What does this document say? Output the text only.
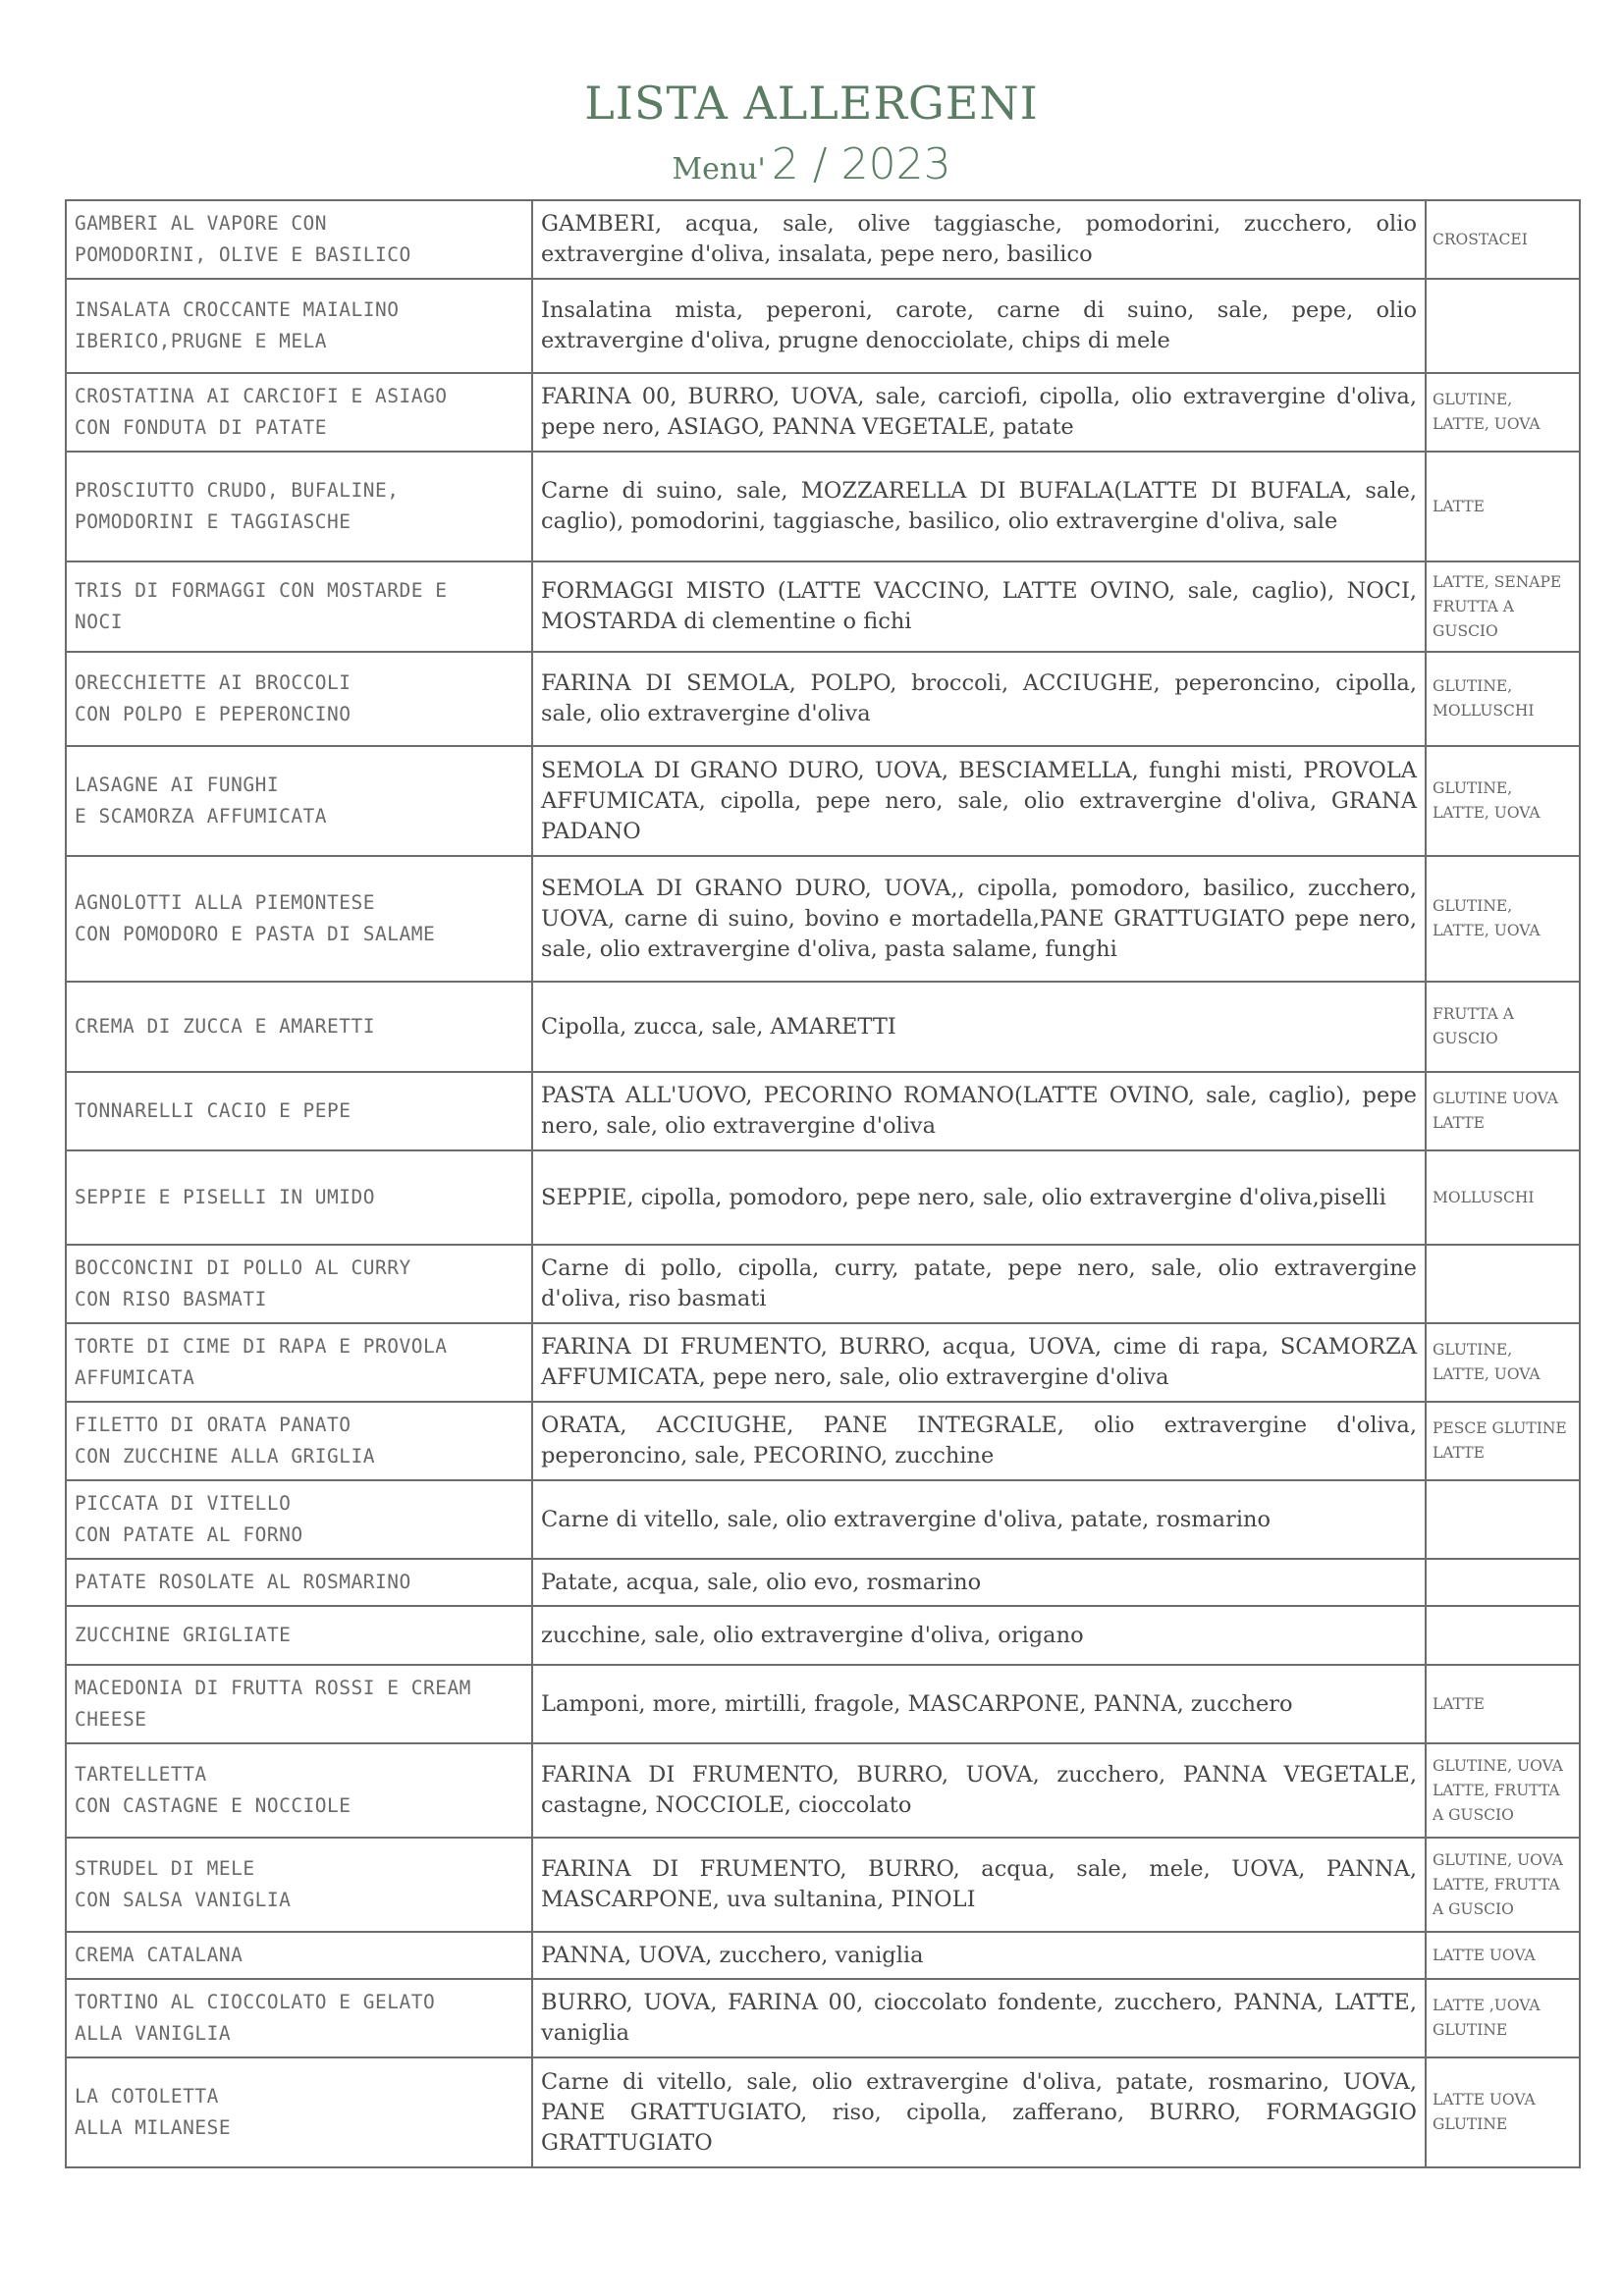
LISTA ALLERGENI
Menu' 2 / 2023
GAMBERI AL VAPORE CON
POMODORINI, OLIVE E BASILICO	GAMBERI, acqua, sale, olive taggiasche, pomodorini, zucchero, olio extravergine d'oliva, insalata, pepe nero, basilico	CROSTACEI

INSALATA CROCCANTE MAIALINO
IBERICO,PRUGNE E MELA	Insalatina mista, peperoni, carote, carne di suino, sale, pepe, olio extravergine d'oliva, prugne denocciolate, chips di mele	

CROSTATINA AI CARCIOFI E ASIAGO
CON FONDUTA DI PATATE	FARINA 00, BURRO, UOVA, sale, carciofi, cipolla, olio extravergine d'oliva, pepe nero, ASIAGO, PANNA VEGETALE, patate	GLUTINE, LATTE, UOVA

PROSCIUTTO CRUDO, BUFALINE,
POMODORINI E TAGGIASCHE	Carne di suino, sale, MOZZARELLA DI BUFALA(LATTE DI BUFALA, sale, caglio), pomodorini, taggiasche, basilico, olio extravergine d'oliva, sale	LATTE

TRIS DI FORMAGGI CON MOSTARDE E
NOCI	FORMAGGI MISTO (LATTE VACCINO, LATTE OVINO, sale, caglio), NOCI, MOSTARDA di clementine o fichi	LATTE, SENAPE FRUTTA A GUSCIO

ORECCHIETTE AI BROCCOLI
CON POLPO E PEPERONCINO	FARINA DI SEMOLA, POLPO, broccoli, ACCIUGHE, peperoncino, cipolla, sale, olio extravergine d'oliva	GLUTINE, MOLLUSCHI

LASAGNE AI FUNGHI
E SCAMORZA AFFUMICATA	SEMOLA DI GRANO DURO, UOVA, BESCIAMELLA, funghi misti, PROVOLA AFFUMICATA, cipolla, pepe nero, sale, olio extravergine d'oliva, GRANA PADANO	GLUTINE, LATTE, UOVA

AGNOLOTTI ALLA PIEMONTESE
CON POMODORO E PASTA DI SALAME	SEMOLA DI GRANO DURO, UOVA,, cipolla, pomodoro, basilico, zucchero, UOVA, carne di suino, bovino e mortadella,PANE GRATTUGIATO pepe nero, sale, olio extravergine d'oliva, pasta salame, funghi	GLUTINE, LATTE, UOVA

CREMA DI ZUCCA E AMARETTI	Cipolla, zucca, sale, AMARETTI	FRUTTA A GUSCIO

TONNARELLI CACIO E PEPE	PASTA ALL'UOVO, PECORINO ROMANO(LATTE OVINO, sale, caglio), pepe nero, sale, olio extravergine d'oliva	GLUTINE UOVA LATTE

SEPPIE E PISELLI IN UMIDO	SEPPIE, cipolla, pomodoro, pepe nero, sale, olio extravergine d'oliva,piselli	MOLLUSCHI

BOCCONCINI DI POLLO AL CURRY
CON RISO BASMATI	Carne di pollo, cipolla, curry, patate, pepe nero, sale, olio extravergine d'oliva, riso basmati	

TORTE DI CIME DI RAPA E PROVOLA
AFFUMICATA	FARINA DI FRUMENTO, BURRO, acqua, UOVA, cime di rapa, SCAMORZA AFFUMICATA, pepe nero, sale, olio extravergine d'oliva	GLUTINE, LATTE, UOVA

FILETTO DI ORATA PANATO
CON ZUCCHINE ALLA GRIGLIA	ORATA, ACCIUGHE, PANE INTEGRALE, olio extravergine d'oliva, peperoncino, sale, PECORINO, zucchine	PESCE GLUTINE LATTE

PICCATA DI VITELLO
CON PATATE AL FORNO	Carne di vitello, sale, olio extravergine d'oliva, patate, rosmarino	

PATATE ROSOLATE AL ROSMARINO	Patate, acqua, sale, olio evo, rosmarino	

ZUCCHINE GRIGLIATE	zucchine, sale, olio extravergine d'oliva, origano	

MACEDONIA DI FRUTTA ROSSI E CREAM
CHEESE	Lamponi, more, mirtilli, fragole, MASCARPONE, PANNA, zucchero	LATTE

TARTELLETTA
CON CASTAGNE E NOCCIOLE	FARINA DI FRUMENTO, BURRO, UOVA, zucchero, PANNA VEGETALE, castagne, NOCCIOLE, cioccolato	GLUTINE, UOVA LATTE, FRUTTA A GUSCIO

STRUDEL DI MELE
CON SALSA VANIGLIA	FARINA DI FRUMENTO, BURRO, acqua, sale, mele, UOVA, PANNA, MASCARPONE, uva sultanina, PINOLI	GLUTINE, UOVA LATTE, FRUTTA A GUSCIO

CREMA CATALANA	PANNA, UOVA, zucchero, vaniglia	LATTE UOVA

TORTINO AL CIOCCOLATO E GELATO
ALLA VANIGLIA	BURRO, UOVA, FARINA 00, cioccolato fondente, zucchero, PANNA, LATTE, vaniglia	LATTE ,UOVA GLUTINE

LA COTOLETTA
ALLA MILANESE	Carne di vitello, sale, olio extravergine d'oliva, patate, rosmarino, UOVA, PANE GRATTUGIATO, riso, cipolla, zafferano, BURRO, FORMAGGIO GRATTUGIATO	LATTE UOVA GLUTINE
